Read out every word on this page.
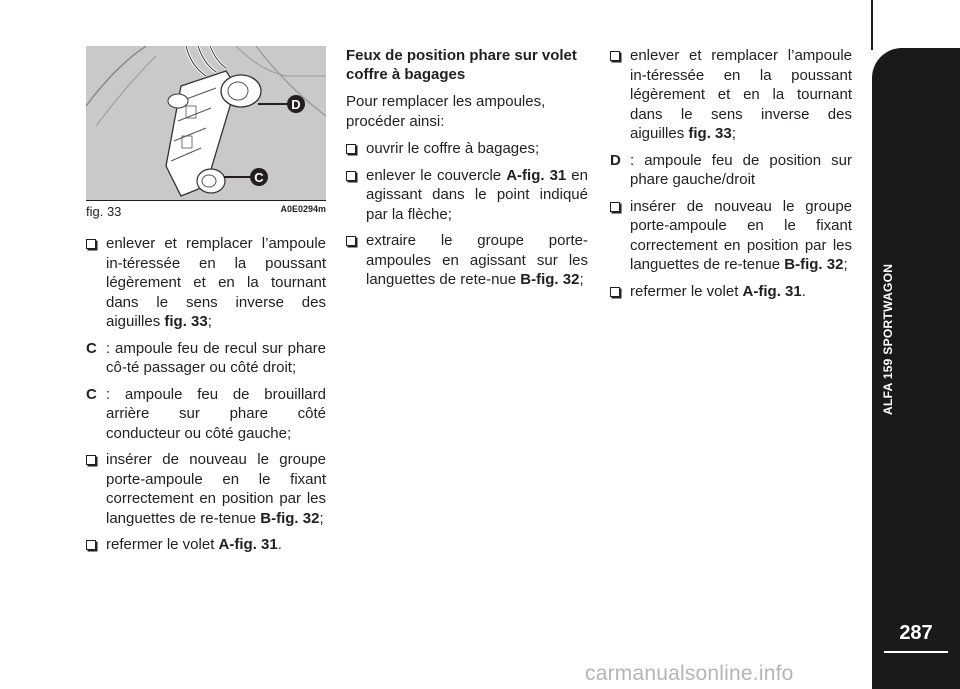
ALFA 159 SPORTWAGON
287
D
C
fig. 33	A0E0294m
enlever et remplacer l’ampoule in-téressée en la poussant légèrement et en la tournant dans le sens inverse des aiguilles fig. 33;
C : ampoule feu de recul sur phare cô-té passager ou côté droit;
C : ampoule feu de brouillard arrière sur phare côté conducteur ou côté gauche;
insérer de nouveau le groupe porte-ampoule en le fixant correctement en position par les languettes de re-tenue B-fig. 32;
refermer le volet A-fig. 31.
Feux de position phare sur volet coffre à bagages
Pour remplacer les ampoules, procéder ainsi:
ouvrir le coffre à bagages;
enlever le couvercle A-fig. 31 en agissant dans le point indiqué par la flèche;
extraire le groupe porte-ampoules en agissant sur les languettes de rete-nue B-fig. 32;
enlever et remplacer l’ampoule in-téressée en la poussant légèrement et en la tournant dans le sens inverse des aiguilles fig. 33;
D : ampoule feu de position sur phare gauche/droit
insérer de nouveau le groupe porte-ampoule en le fixant correctement en position par les languettes de re-tenue B-fig. 32;
refermer le volet A-fig. 31.
carmanualsonline.info
